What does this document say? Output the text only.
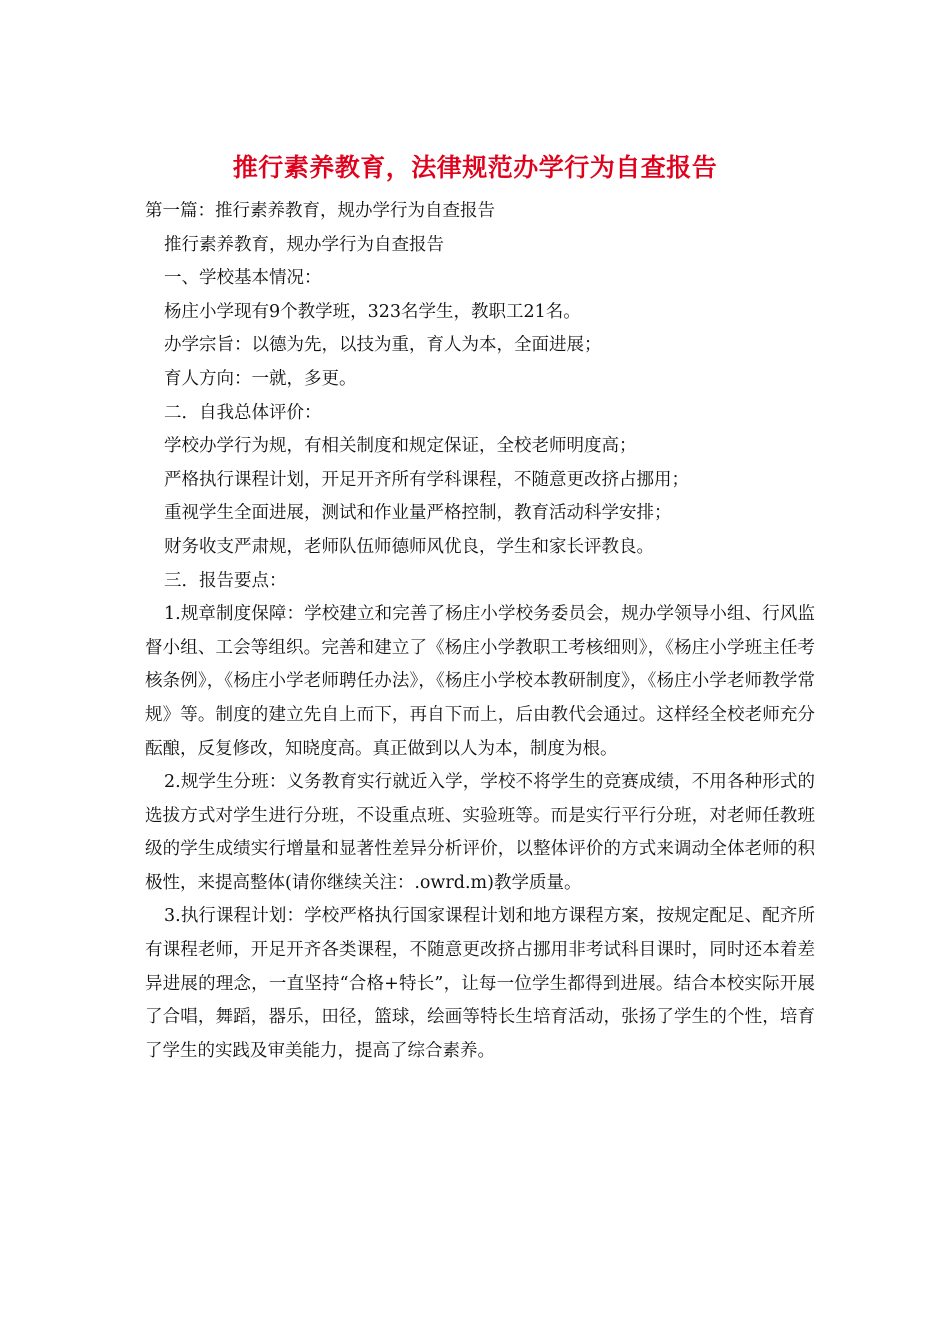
推行素养教育，法律规范办学行为自查报告

第一篇：推行素养教育，规办学行为自查报告

推行素养教育，规办学行为自查报告

一、学校基本情况：

杨庄小学现有9个教学班，323名学生，教职工21名。

办学宗旨：以德为先，以技为重，育人为本，全面进展；

育人方向：一就，多更。

二．自我总体评价：

学校办学行为规，有相关制度和规定保证，全校老师明度高；

严格执行课程计划，开足开齐所有学科课程，不随意更改挤占挪用；

重视学生全面进展，测试和作业量严格控制，教育活动科学安排；

财务收支严肃规，老师队伍师德师风优良，学生和家长评教良。

三．报告要点：

1.规章制度保障：学校建立和完善了杨庄小学校务委员会，规办学领导小组、行风监督小组、工会等组织。完善和建立了《杨庄小学教职工考核细则》，《杨庄小学班主任考核条例》，《杨庄小学老师聘任办法》，《杨庄小学校本教研制度》，《杨庄小学老师教学常规》等。制度的建立先自上而下，再自下而上，后由教代会通过。这样经全校老师充分酝酿，反复修改，知晓度高。真正做到以人为本，制度为根。

2.规学生分班：义务教育实行就近入学，学校不将学生的竞赛成绩，不用各种形式的选拔方式对学生进行分班，不设重点班、实验班等。而是实行平行分班，对老师任教班级的学生成绩实行增量和显著性差异分析评价，以整体评价的方式来调动全体老师的积极性，来提高整体(请你继续关注：.owrd.m)教学质量。

3.执行课程计划：学校严格执行国家课程计划和地方课程方案，按规定配足、配齐所有课程老师，开足开齐各类课程，不随意更改挤占挪用非考试科目课时，同时还本着差异进展的理念，一直坚持“合格+特长”，让每一位学生都得到进展。结合本校实际开展了合唱，舞蹈，器乐，田径，篮球，绘画等特长生培育活动，张扬了学生的个性，培育了学生的实践及审美能力，提高了综合素养。
